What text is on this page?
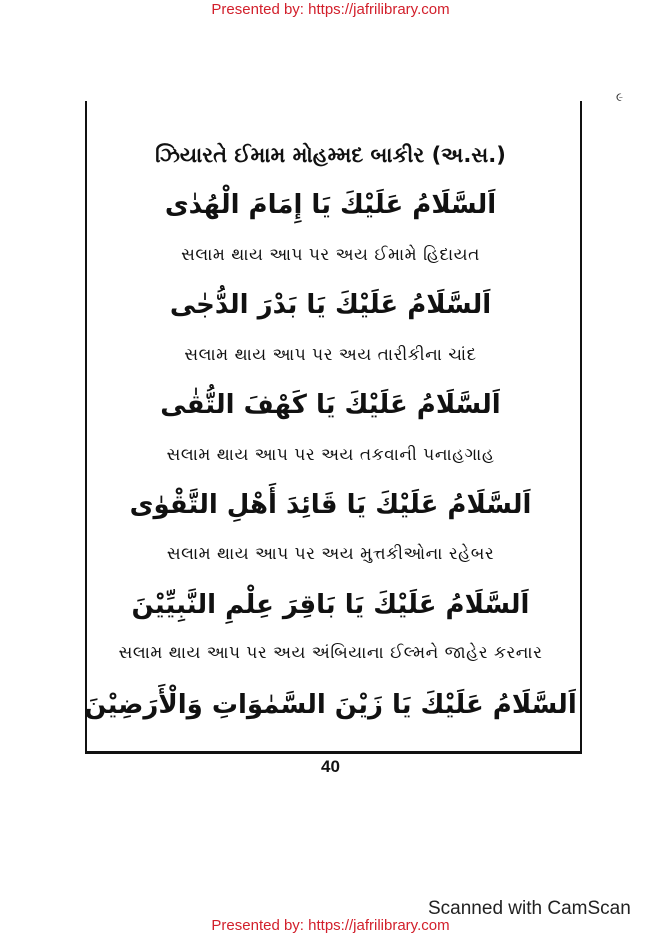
Presented by: https://jafrilibrary.com
૯
ઝિયારતે ઈમામ મોહમ્મદ બાકીર (અ.સ.)
اَلسَّلَامُ عَلَيْكَ يَا إِمَامَ الْهُدٰى
સલામ થાય આપ પર અય ઈમામે હિદાયત
اَلسَّلَامُ عَلَيْكَ يَا بَدْرَ الدُّجٰى
સલામ થાય આપ પર અય તારીકીના ચાંદ
اَلسَّلَامُ عَلَيْكَ يَا كَهْفَ التُّقٰى
સલામ થાય આપ પર અય તકવાની પનાહગાહ
اَلسَّلَامُ عَلَيْكَ يَا قَائِدَ أَهْلِ التَّقْوٰى
સલામ થાય આપ પર અય મુત્તકીઓના રહેબર
اَلسَّلَامُ عَلَيْكَ يَا بَاقِرَ عِلْمِ النَّبِيِّيْنَ
સલામ થાય આપ પર અય અંબિયાના ઈલ્મને જાહેર કરનાર
اَلسَّلَامُ عَلَيْكَ يَا زَيْنَ السَّمٰوَاتِ وَالْأَرَضِيْنَ
40
Scanned with CamScan
Presented by: https://jafrilibrary.com
